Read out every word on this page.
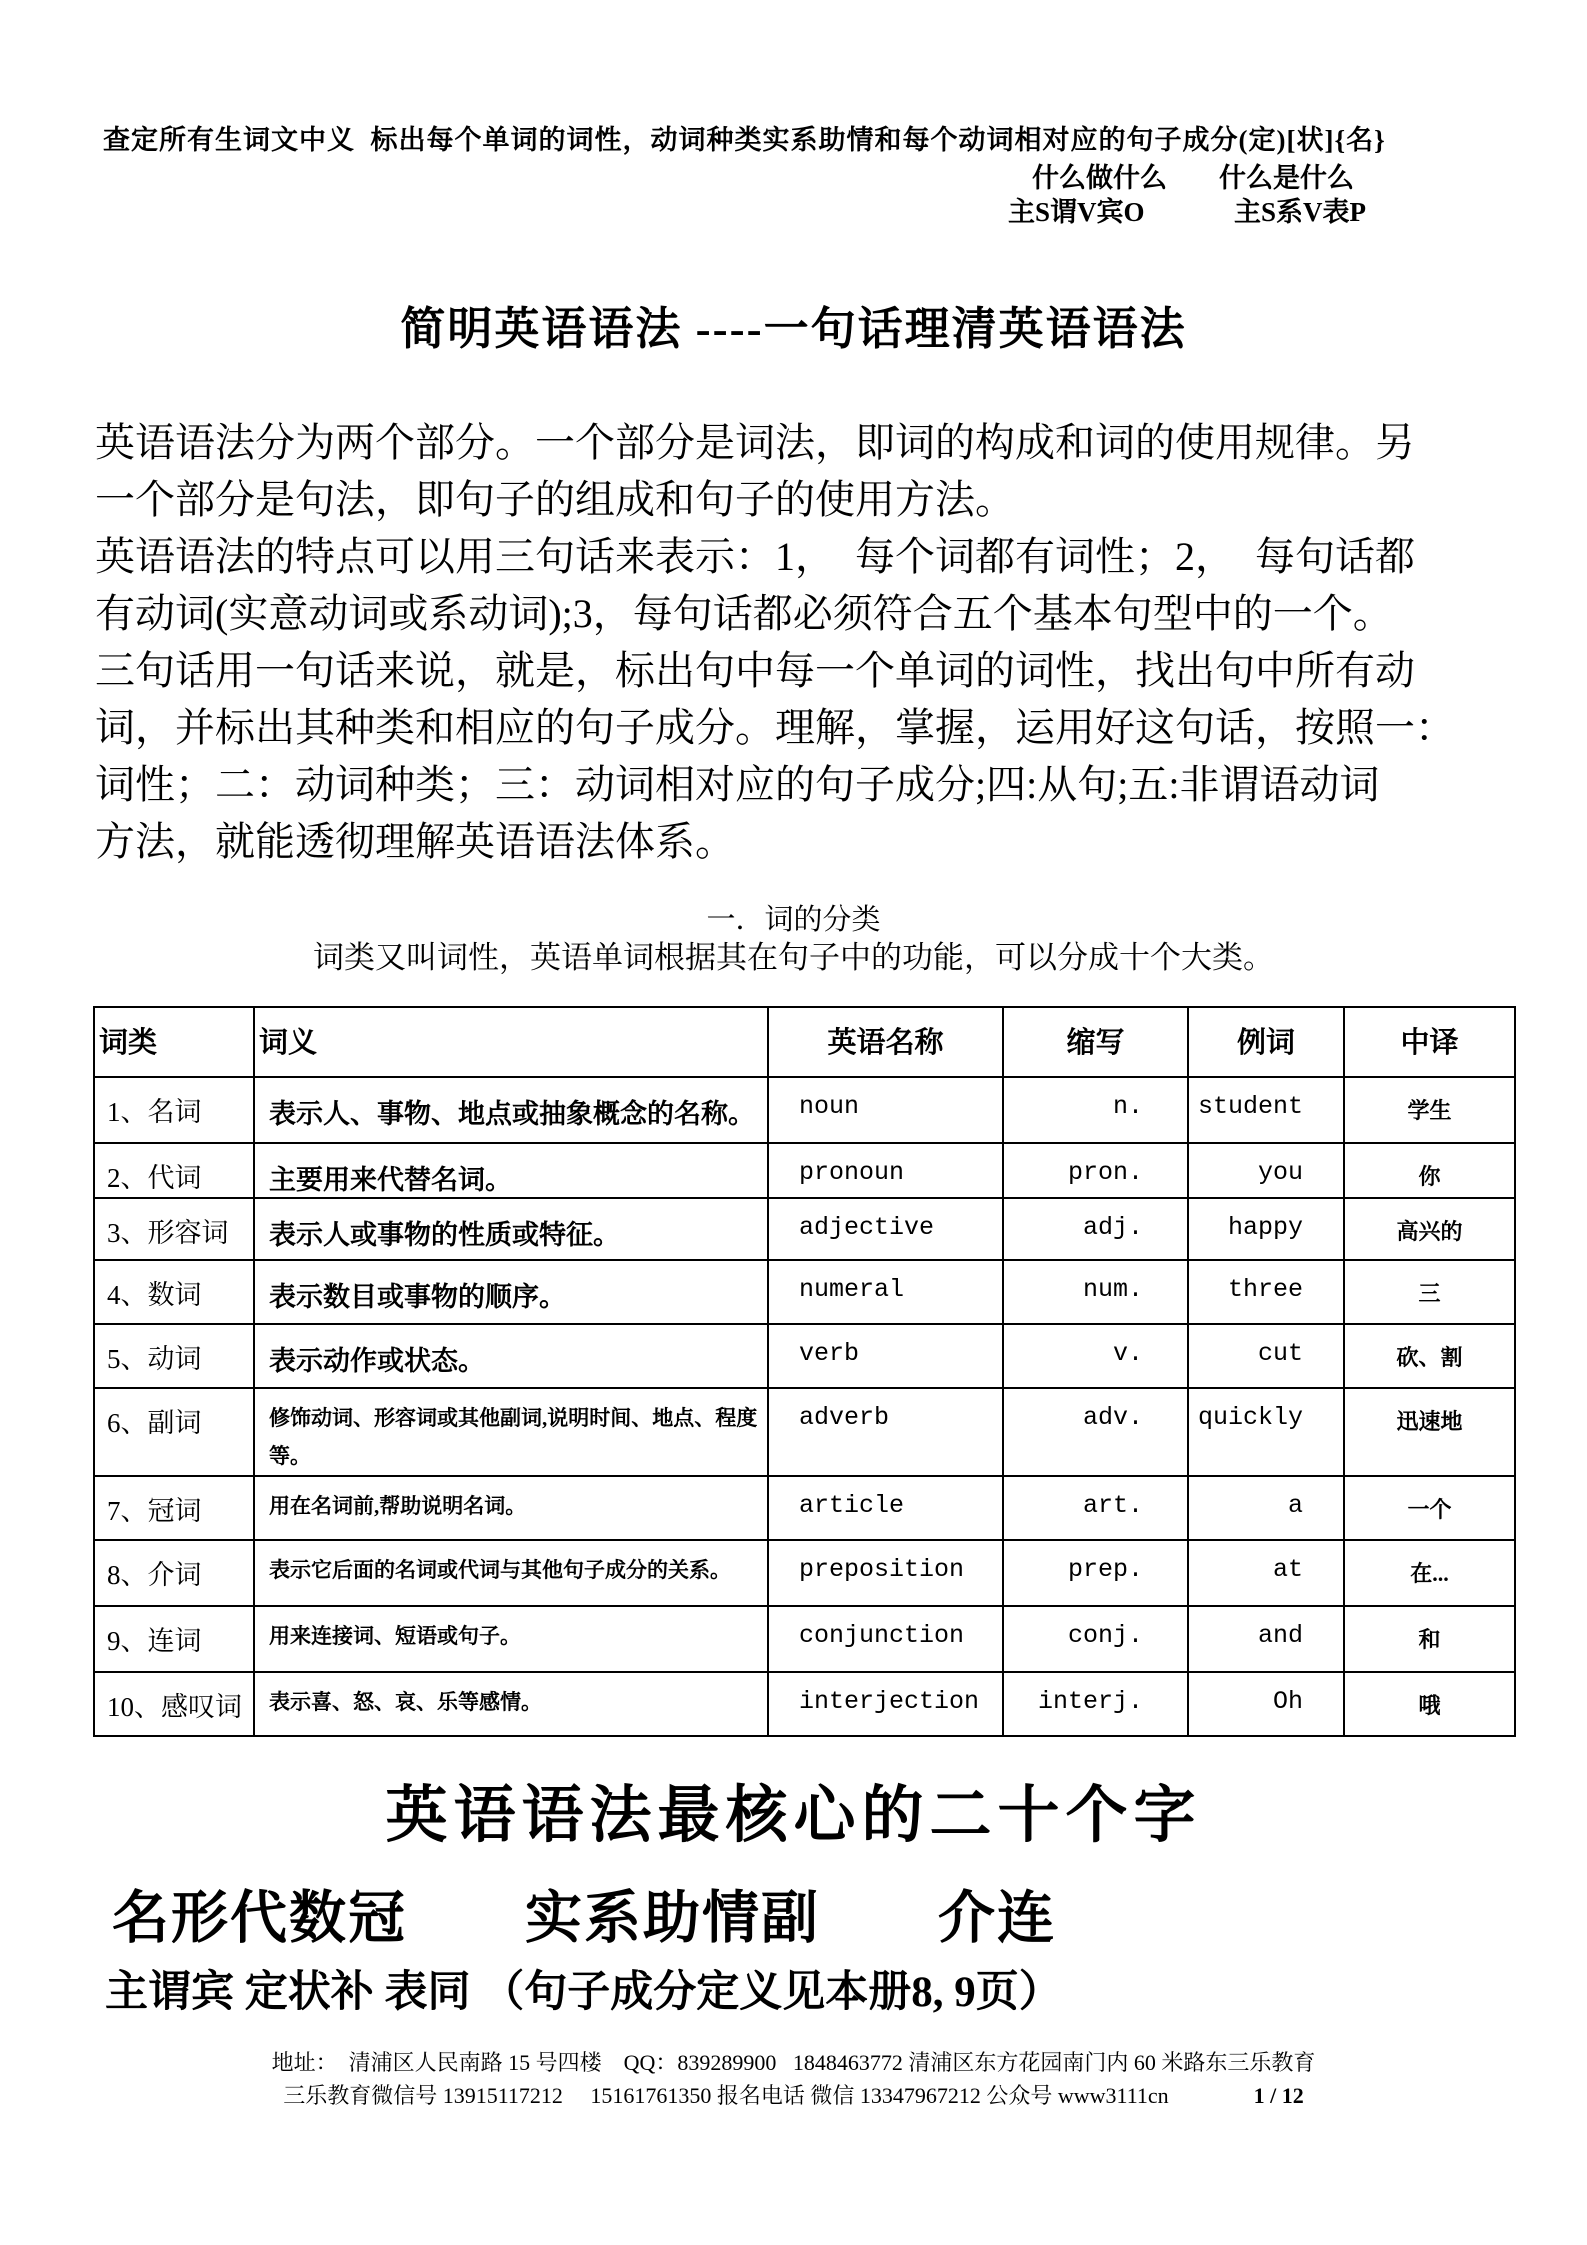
查定所有生词文中义  标出每个单词的词性，动词种类实系助情和每个动词相对应的句子成分(定)[状]{名}
什么做什么 什么是什么
主S谓V宾O	主S系V表P
简明英语语法 ----一句话理清英语语法
英语语法分为两个部分。一个部分是词法，即词的构成和词的使用规律。另
一个部分是句法，即句子的组成和句子的使用方法。
英语语法的特点可以用三句话来表示：1，  每个词都有词性；2，  每句话都
有动词(实意动词或系动词);3，每句话都必须符合五个基本句型中的一个。
三句话用一句话来说，就是，标出句中每一个单词的词性，找出句中所有动
词，并标出其种类和相应的句子成分。理解，掌握，运用好这句话，按照一：
词性；二：动词种类；三：动词相对应的句子成分;四:从句;五:非谓语动词
方法，就能透彻理解英语语法体系。
一．词的分类
词类又叫词性，英语单词根据其在句子中的功能，可以分成十个大类。
词类	词义	英语名称	缩写	例词	中译
1、名词	表示人、事物、地点或抽象概念的名称。	noun	n.	student	学生
2、代词	主要用来代替名词。	pronoun	pron.	you	你
3、形容词	表示人或事物的性质或特征。	adjective	adj.	happy	高兴的
4、数词	表示数目或事物的顺序。	numeral	num.	three	三
5、动词	表示动作或状态。	verb	v.	cut	砍、割
6、副词	修饰动词、形容词或其他副词,说明时间、地点、程度等。	adverb	adv.	quickly	迅速地
7、冠词	用在名词前,帮助说明名词。	article	art.	a	一个
8、介词	表示它后面的名词或代词与其他句子成分的关系。	preposition	prep.	at	在...
9、连词	用来连接词、短语或句子。	conjunction	conj.	and	和
10、感叹词	表示喜、怒、哀、乐等感情。	interjection	interj.	Oh	哦
英语语法最核心的二十个字
名形代数冠　　实系助情副　　介连
主谓宾 定状补 表同 （句子成分定义见本册8, 9页）
地址：  清浦区人民南路 15 号四楼    QQ：839289900   1848463772 清浦区东方花园南门内 60 米路东三乐教育
三乐教育微信号 13915117212     15161761350 报名电话 微信 13347967212 公众号 www3111cn	1 / 12
